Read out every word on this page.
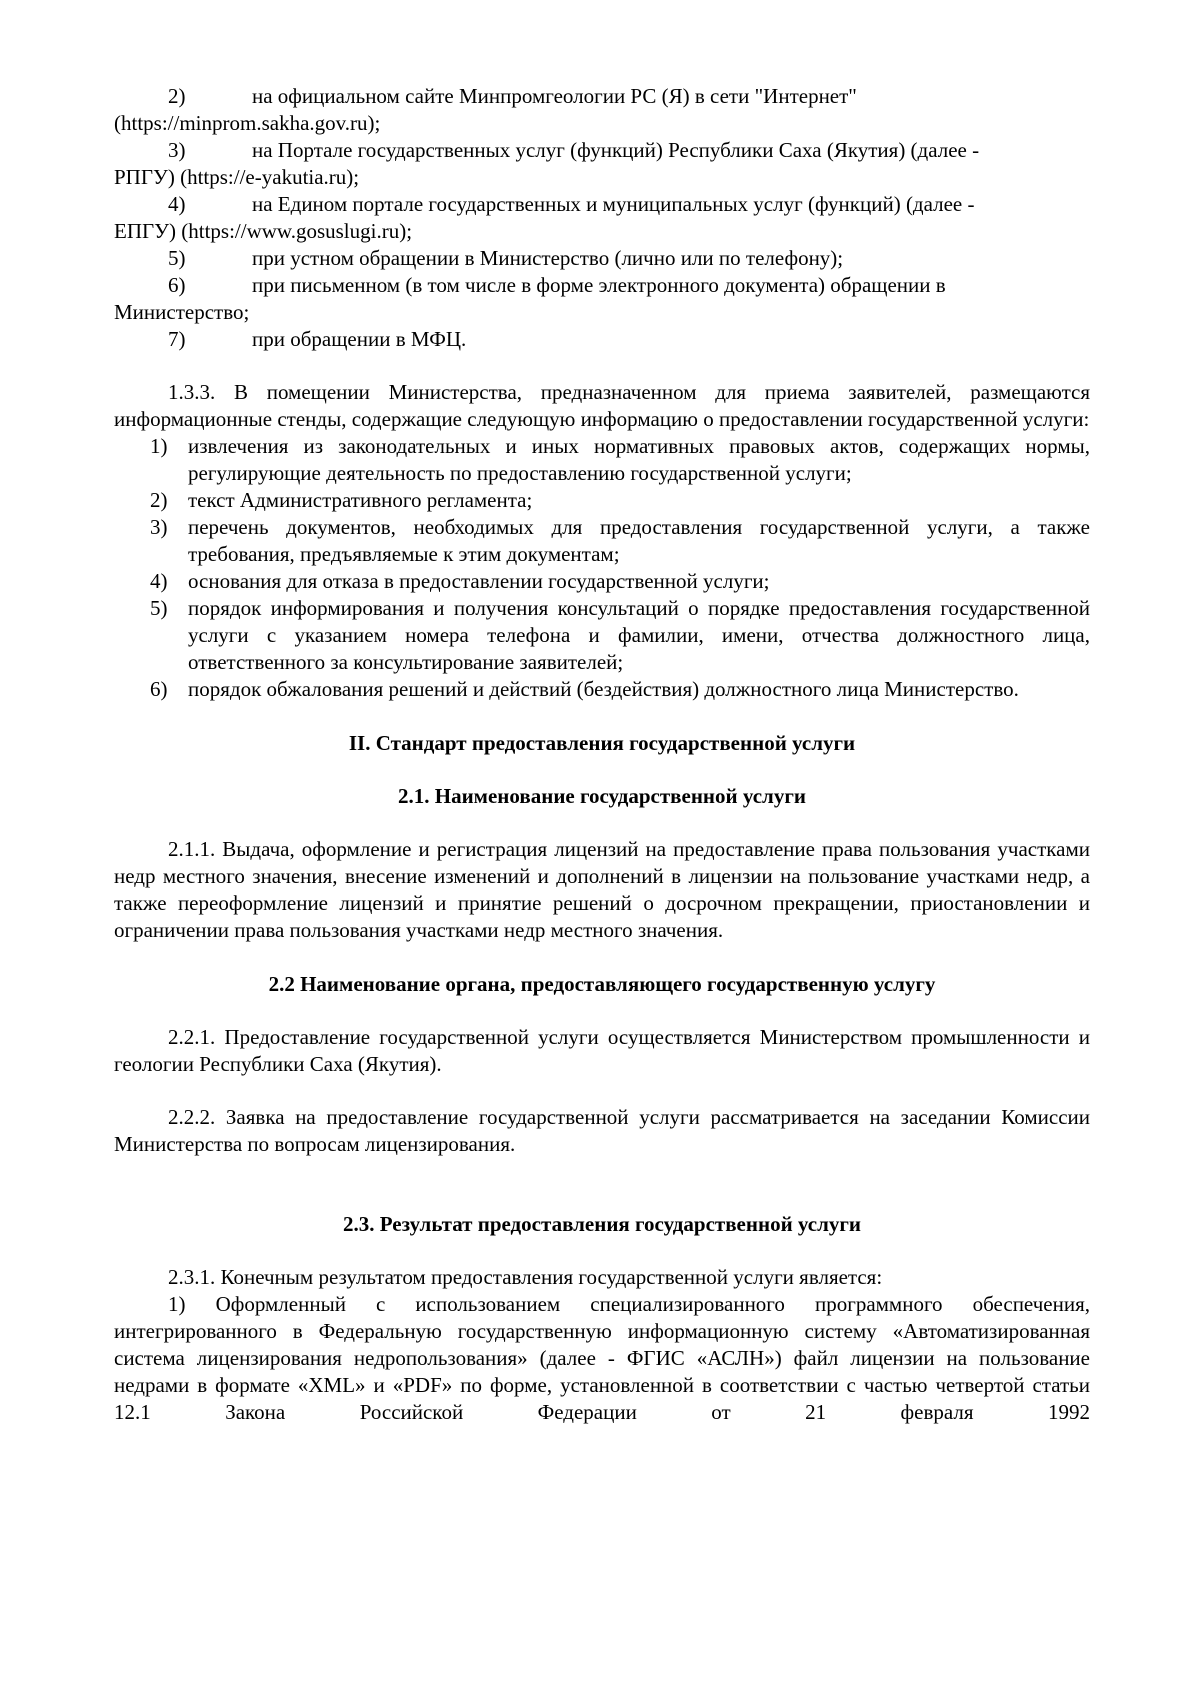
2)	на официальном сайте Минпромгеологии РС (Я) в сети "Интернет"
(https://minprom.sakha.gov.ru);
3)	на Портале государственных услуг (функций) Республики Саха (Якутия) (далее -
РПГУ) (https://e-yakutia.ru);
4)	на Едином портале государственных и муниципальных услуг (функций) (далее -
ЕПГУ) (https://www.gosuslugi.ru);
5)	при устном обращении в Министерство (лично или по телефону);
6)	при письменном (в том числе в форме электронного документа) обращении в
Министерство;
7)	при обращении в МФЦ.

1.3.3. В помещении Министерства, предназначенном для приема заявителей, размещаются информационные стенды, содержащие следующую информацию о предоставлении государственной услуги:

1) извлечения из законодательных и иных нормативных правовых актов, содержащих нормы, регулирующие деятельность по предоставлению государственной услуги;
2) текст Административного регламента;
3) перечень документов, необходимых для предоставления государственной услуги, а также требования, предъявляемые к этим документам;
4) основания для отказа в предоставлении государственной услуги;
5) порядок информирования и получения консультаций о порядке предоставления государственной услуги с указанием номера телефона и фамилии, имени, отчества должностного лица, ответственного за консультирование заявителей;
6) порядок обжалования решений и действий (бездействия) должностного лица Министерство.

II. Стандарт предоставления государственной услуги

2.1. Наименование государственной услуги

2.1.1. Выдача, оформление и регистрация лицензий на предоставление права пользования участками недр местного значения, внесение изменений и дополнений в лицензии на пользование участками недр, а также переоформление лицензий и принятие решений о досрочном прекращении, приостановлении и ограничении права пользования участками недр местного значения.

2.2 Наименование органа, предоставляющего государственную услугу

2.2.1. Предоставление государственной услуги осуществляется Министерством промышленности и геологии Республики Саха (Якутия).

2.2.2. Заявка на предоставление государственной услуги рассматривается на заседании Комиссии Министерства по вопросам лицензирования.

2.3. Результат предоставления государственной услуги

2.3.1. Конечным результатом предоставления государственной услуги является:

1) Оформленный с использованием специализированного программного обеспечения, интегрированного в Федеральную государственную информационную систему «Автоматизированная система лицензирования недропользования» (далее - ФГИС «АСЛН») файл лицензии на пользование недрами в формате «XML» и «PDF» по форме, установленной в соответствии с частью четвертой статьи 12.1 Закона Российской Федерации от 21 февраля 1992
